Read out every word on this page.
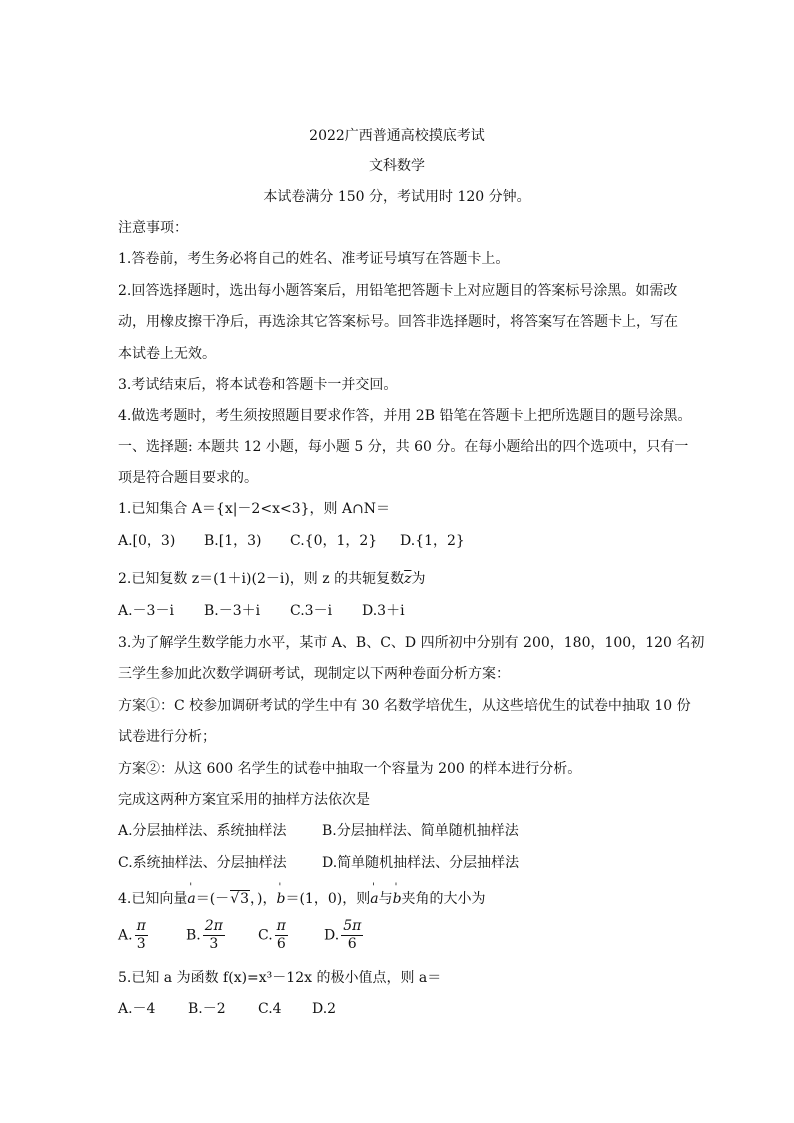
2022广西普通高校摸底考试
文科数学
本试卷满分 150 分，考试用时 120 分钟。
注意事项：
1.答卷前，考生务必将自己的姓名、准考证号填写在答题卡上。
2.回答选择题时，选出每小题答案后，用铅笔把答题卡上对应题目的答案标号涂黑。如需改
动，用橡皮擦干净后，再选涂其它答案标号。回答非选择题时，将答案写在答题卡上，写在
本试卷上无效。
3.考试结束后，将本试卷和答题卡一并交回。
4.做选考题时，考生须按照题目要求作答，并用 2B 铅笔在答题卡上把所选题目的题号涂黑。
一、选择题: 本题共 12 小题，每小题 5 分，共 60 分。在每小题给出的四个选项中，只有一
项是符合题目要求的。
1.已知集合 A＝{x|－2<x<3}，则 A∩N＝
A.[0，3) B.[1，3) C.{0，1，2} D.{1，2}
2.已知复数 z＝(1＋i)(2－i)，则 z 的共轭复数$\overline{z}$为
A.－3－i B.－3＋i C.3－i D.3＋i
3.为了解学生数学能力水平，某市 A、B、C、D 四所初中分别有 200，180，100，120 名初
三学生参加此次数学调研考试，现制定以下两种卷面分析方案：
方案①：C 校参加调研考试的学生中有 30 名数学培优生，从这些培优生的试卷中抽取 10 份
试卷进行分析；
方案②：从这 600 名学生的试卷中抽取一个容量为 200 的样本进行分析。
完成这两种方案宜采用的抽样方法依次是
A.分层抽样法、系统抽样法	B.分层抽样法、简单随机抽样法
C.系统抽样法、分层抽样法	D.简单随机抽样法、分层抽样法
4.已知向量' a＝(－ √ 3，)，' b＝(1，0)，则' a与' b夹角的大小为
A. $\frac{\pi}{3}$	B. $\frac{2\pi}{3} C$. $\frac{\pi}{6}$	D. $\frac{5\pi}{6}$
5.已知 a 为函数 f(x)=x³－12x 的极小值点，则 a＝
A.－4 B.－2 C.4 D.2
